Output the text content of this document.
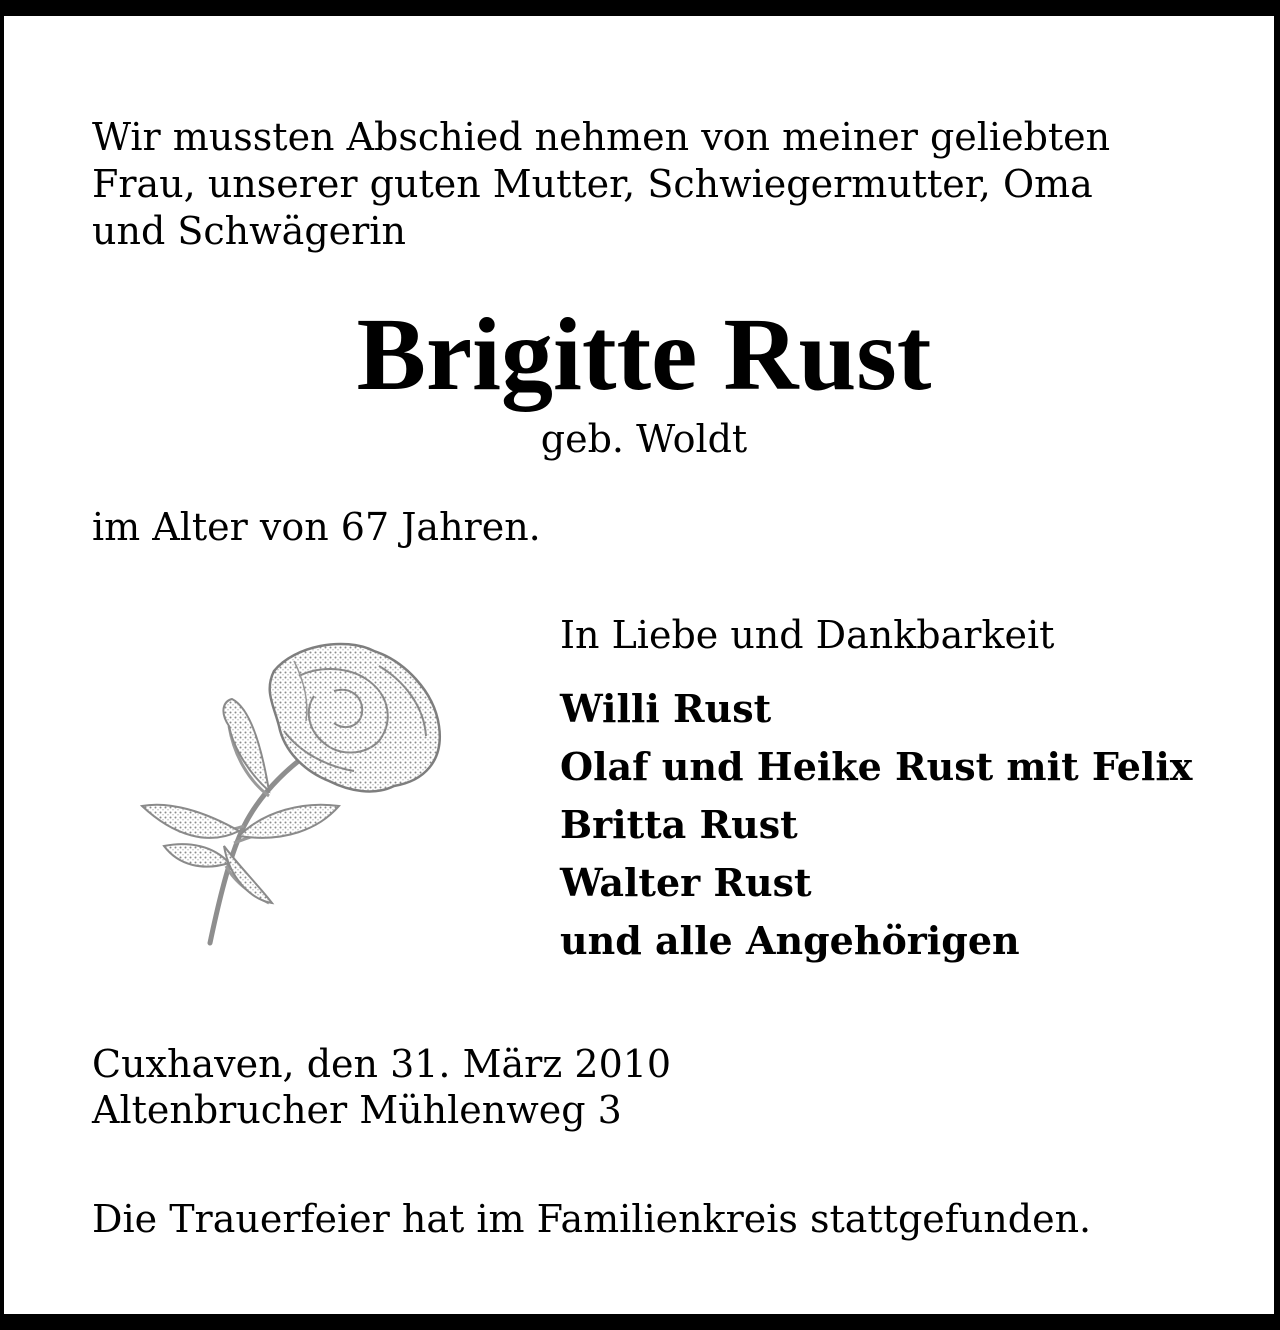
Wir mussten Abschied nehmen von meiner geliebten
Frau, unserer guten Mutter, Schwiegermutter, Oma
und Schwägerin
Brigitte Rust
geb. Woldt
im Alter von 67 Jahren.
In Liebe und Dankbarkeit
Willi Rust
Olaf und Heike Rust mit Felix
Britta Rust
Walter Rust
und alle Angehörigen
Cuxhaven, den 31. März 2010
Altenbrucher Mühlenweg 3
Die Trauerfeier hat im Familienkreis stattgefunden.
